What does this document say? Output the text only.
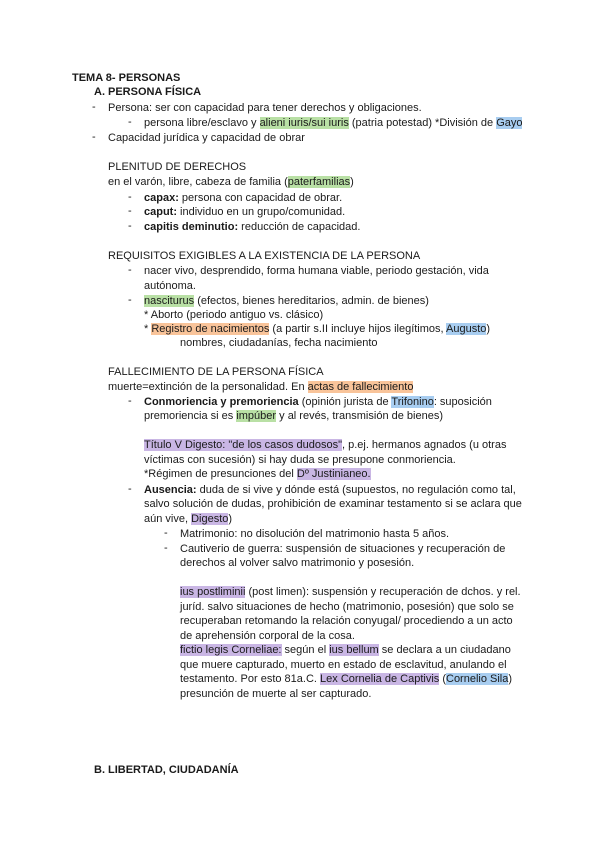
TEMA 8- PERSONAS
A. PERSONA FÍSICA
- Persona: ser con capacidad para tener derechos y obligaciones.
- persona libre/esclavo y alieni iuris/sui iuris (patria potestad) *División de Gayo
- Capacidad jurídica y capacidad de obrar
PLENITUD DE DERECHOS
en el varón, libre, cabeza de familia (paterfamilias)
- capax: persona con capacidad de obrar.
- caput: individuo en un grupo/comunidad.
- capitis deminutio: reducción de capacidad.
REQUISITOS EXIGIBLES A LA EXISTENCIA DE LA PERSONA
- nacer vivo, desprendido, forma humana viable, periodo gestación, vida
autónoma.
- nasciturus (efectos, bienes hereditarios, admin. de bienes)
* Aborto (periodo antiguo vs. clásico)
* Registro de nacimientos (a partir s.II incluye hijos ilegítimos, Augusto)
nombres, ciudadanías, fecha nacimiento
FALLECIMIENTO DE LA PERSONA FÍSICA
muerte=extinción de la personalidad. En actas de fallecimiento
- Conmoriencia y premoriencia (opinión jurista de Trifonino: suposición
premoriencia si es impúber y al revés, transmisión de bienes)
Título V Digesto: "de los casos dudosos", p.ej. hermanos agnados (u otras
víctimas con sucesión) si hay duda se presupone conmoriencia.
*Régimen de presunciones del Dº Justinianeo.
- Ausencia: duda de si vive y dónde está (supuestos, no regulación como tal,
salvo solución de dudas, prohibición de examinar testamento si se aclara que
aún vive, Digesto)
- Matrimonio: no disolución del matrimonio hasta 5 años.
- Cautiverio de guerra: suspensión de situaciones y recuperación de
derechos al volver salvo matrimonio y posesión.
ius postliminii (post limen): suspensión y recuperación de dchos. y rel.
juríd. salvo situaciones de hecho (matrimonio, posesión) que solo se
recuperaban retomando la relación conyugal/ procediendo a un acto
de aprehensión corporal de la cosa.
fictio legis Corneliae: según el ius bellum se declara a un ciudadano
que muere capturado, muerto en estado de esclavitud, anulando el
testamento. Por esto 81a.C. Lex Cornelia de Captivis (Cornelio Sila)
presunción de muerte al ser capturado.
B. LIBERTAD, CIUDADANÍA
